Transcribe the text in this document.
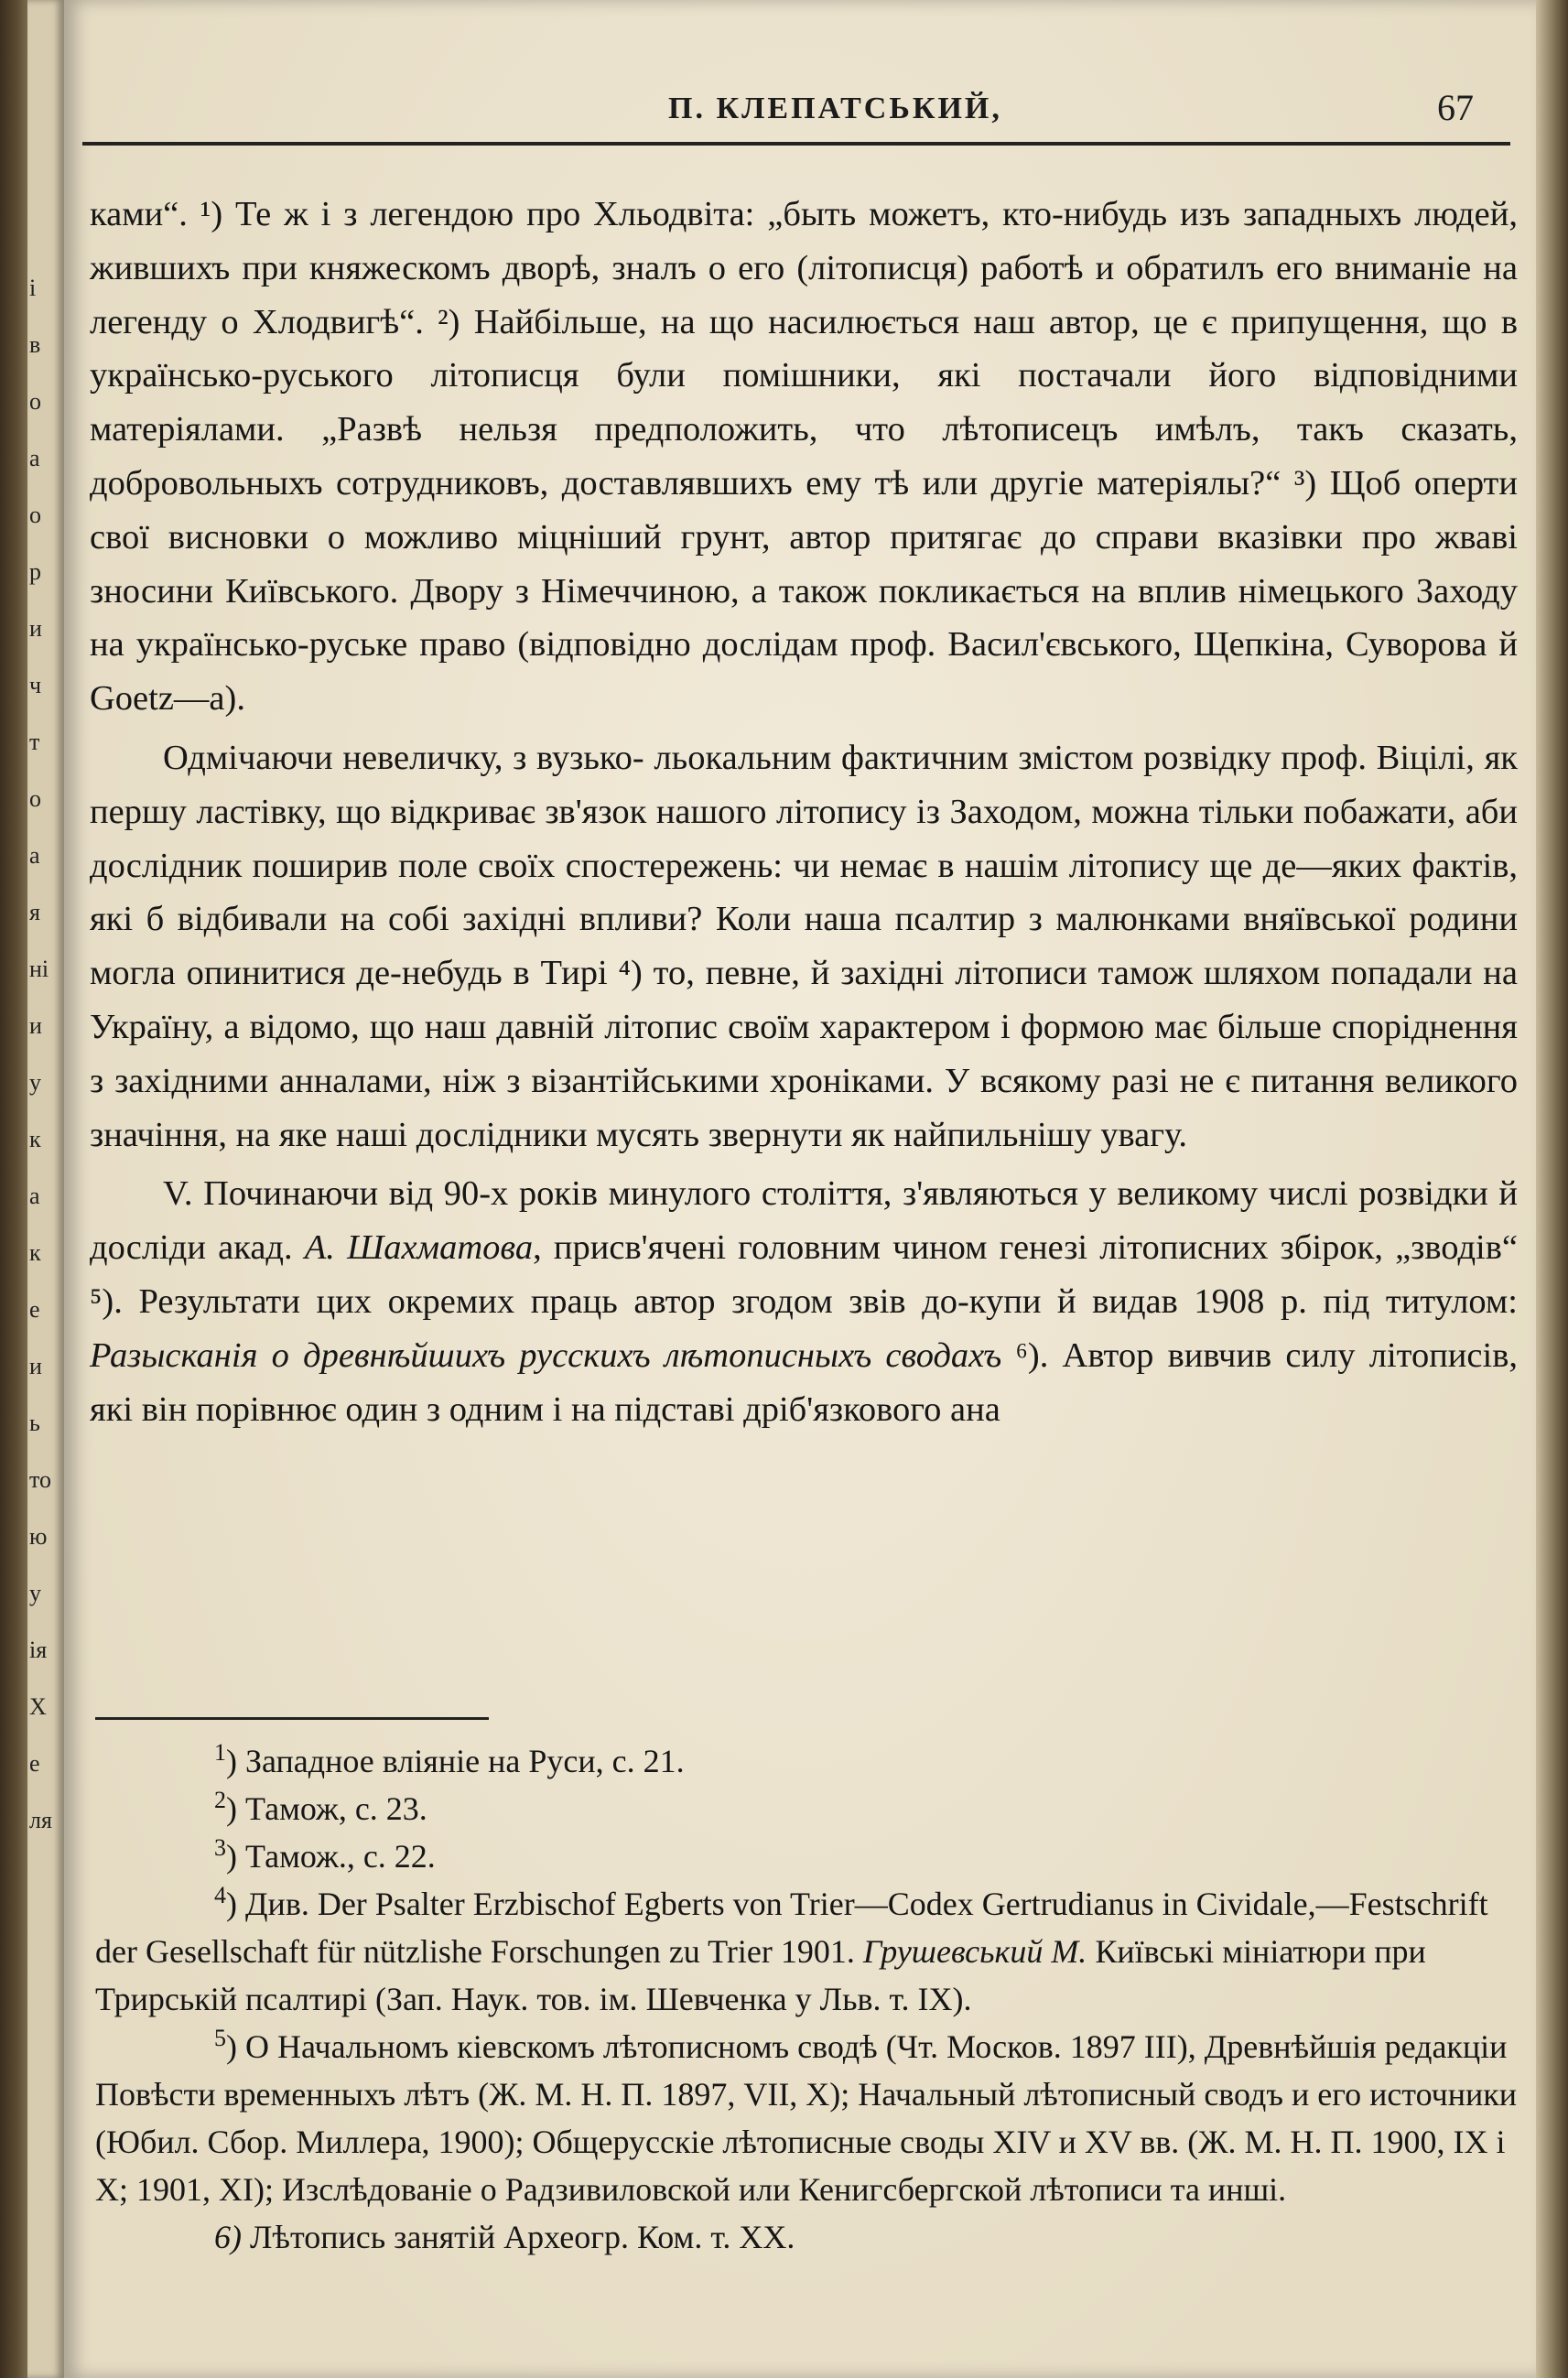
і
в
о
а
о
р
и
ч
т
о
а
я
ні
и
у
к
а
к
е
и
ь
то
ю
у
ія
X
е
ля
П. КЛЕПАТСЬКИЙ,	67

ками“. ¹) Те ж і з легендою про Хльодвіта: „быть можетъ, кто-нибудь изъ западныхъ людей, жившихъ при княжескомъ дворѣ, зналъ о его (літописця) работѣ и обратилъ его вниманіе на легенду о Хлодвигѣ“. ²) Найбільше, на що насилюється наш автор, це є припущення, що в українсько-руського літописця були помішники, які постачали його відповідними матеріялами. „Развѣ нельзя предположить, что лѣтописецъ имѣлъ, такъ сказать, добровольныхъ сотрудниковъ, доставлявшихъ ему тѣ или другіе матеріялы?“ ³) Щоб оперти свої висновки о можливо міцніший грунт, автор притягає до справи вказівки про жваві зносини Київського. Двору з Німеччиною, а також покликається на вплив німецького Заходу на українсько-руське право (відповідно дослідам проф. Васил'євського, Щепкіна, Суворова й Goetz—а).

Одмічаючи невеличку, з вузько- льокальним фактичним змістом розвідку проф. Віцілі, як першу ластівку, що відкриває зв'язок нашого літопису із Заходом, можна тільки побажати, аби дослідник поширив поле своїх спостережень: чи немає в нашім літопису ще де—яких фактів, які б відбивали на собі західні впливи? Коли наша псалтир з малюнками вняївської родини могла опинитися де-небудь в Тирі ⁴) то, певне, й західні літописи тамож шляхом попадали на Україну, а відомо, що наш давній літопис своїм характером і формою має більше споріднення з західними анналами, ніж з візантійськими хроніками. У всякому разі не є питання великого значіння, на яке наші дослідники мусять звернути як найпильнішу увагу.

V. Починаючи від 90-х років минулого століття, з'являються у великому числі розвідки й досліди акад. А. Шахматова, присв'ячені головним чином генезі літописних збірок, „зводів“ ⁵). Результати цих окремих праць автор згодом звів до-купи й видав 1908 р. під титулом: Разысканія о древнѣйшихъ русскихъ лѣтописныхъ сводахъ ⁶). Автор вивчив силу літописів, які він порівнює один з одним і на підставі дріб'язкового ана

$^1$) Западное вліяніе на Руси, с. 21.

$^2$) Тамож, с. 23.

$^3$) Тамож., с. 22.

$^4$) Див. Der Psalter Erzbischof Egberts von Trier—Codex Gertrudianus in Cividale,—Festschrift der Gesellschaft für nützlishe Forschungen zu Trier 1901. Грушевський М. Київські мініатюри при Трирській псалтирі (Зап. Наук. тов. ім. Шевченка у Льв. т. IX).

$^5$) О Начальномъ кіевскомъ лѣтописномъ сводѣ (Чт. Москов. 1897 III), Древнѣйшія редакціи Повѣсти временныхъ лѣтъ (Ж. М. Н. П. 1897, VII, X); Начальный лѣтописный сводъ и его источники (Юбил. Сбор. Миллера, 1900); Общерусскіе лѣтописные своды XIV и XV вв. (Ж. М. Н. П. 1900, IX і X; 1901, XI); Изслѣдованіе о Радзивиловской или Кенигсбергской лѣтописи та инші.

6) Лѣтопись занятій Археогр. Ком. т. XX.
